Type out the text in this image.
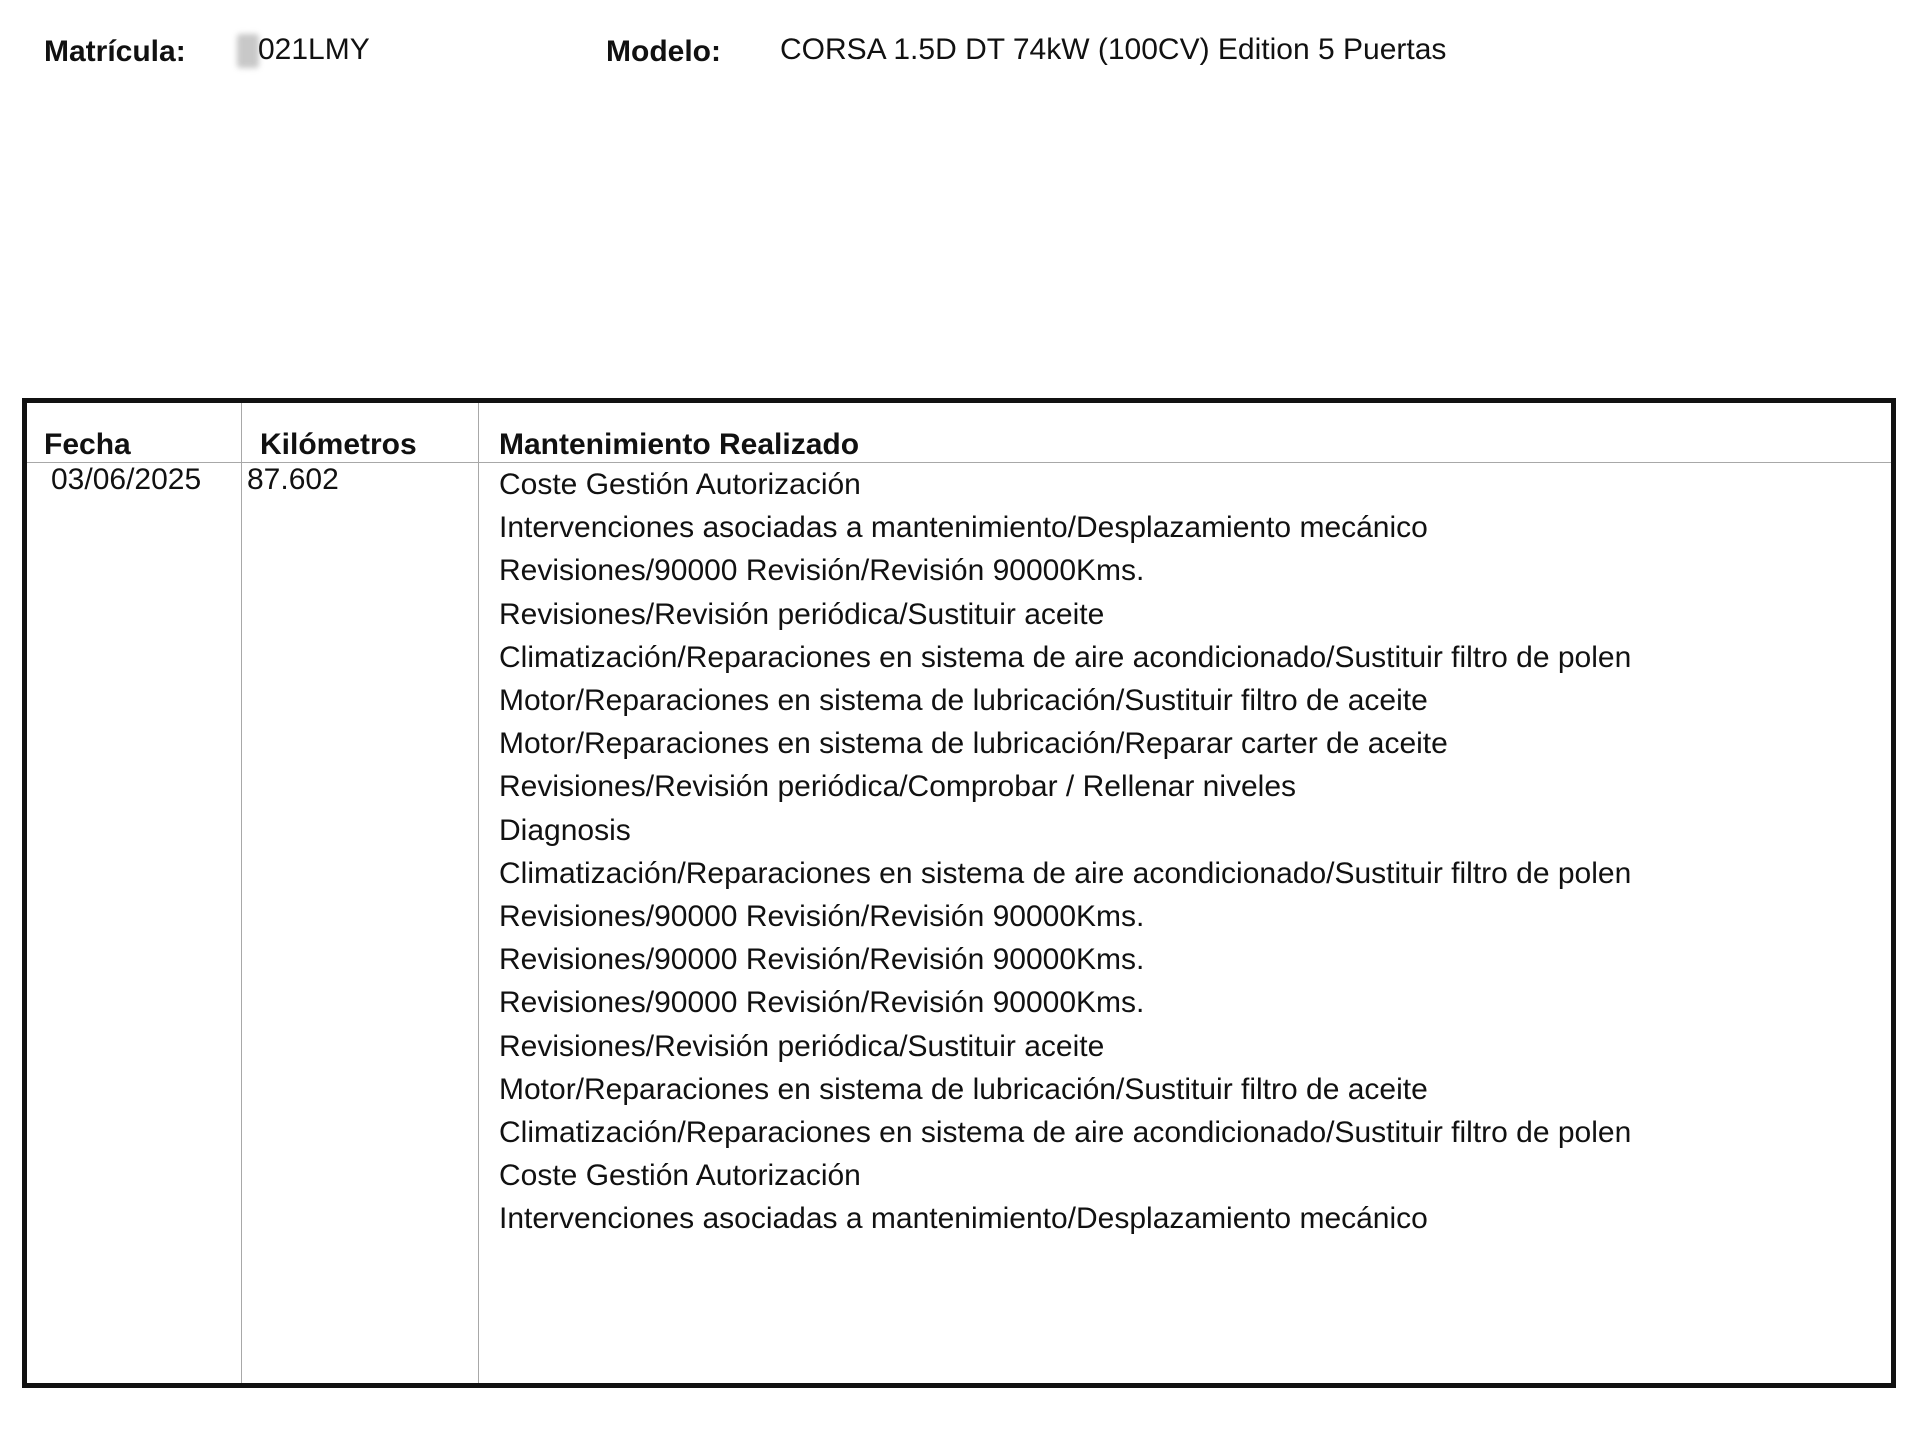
Matrícula: 021LMY	Modelo: CORSA 1.5D DT 74kW (100CV) Edition 5 Puertas
Fecha	Kilómetros	Mantenimiento Realizado
03/06/2025 87.602	Coste Gestión Autorización
Intervenciones asociadas a mantenimiento/Desplazamiento mecánico
Revisiones/90000 Revisión/Revisión 90000Kms.
Revisiones/Revisión periódica/Sustituir aceite
Climatización/Reparaciones en sistema de aire acondicionado/Sustituir filtro de polen
Motor/Reparaciones en sistema de lubricación/Sustituir filtro de aceite
Motor/Reparaciones en sistema de lubricación/Reparar carter de aceite
Revisiones/Revisión periódica/Comprobar / Rellenar niveles
Diagnosis
Climatización/Reparaciones en sistema de aire acondicionado/Sustituir filtro de polen
Revisiones/90000 Revisión/Revisión 90000Kms.
Revisiones/90000 Revisión/Revisión 90000Kms.
Revisiones/90000 Revisión/Revisión 90000Kms.
Revisiones/Revisión periódica/Sustituir aceite
Motor/Reparaciones en sistema de lubricación/Sustituir filtro de aceite
Climatización/Reparaciones en sistema de aire acondicionado/Sustituir filtro de polen
Coste Gestión Autorización
Intervenciones asociadas a mantenimiento/Desplazamiento mecánico
